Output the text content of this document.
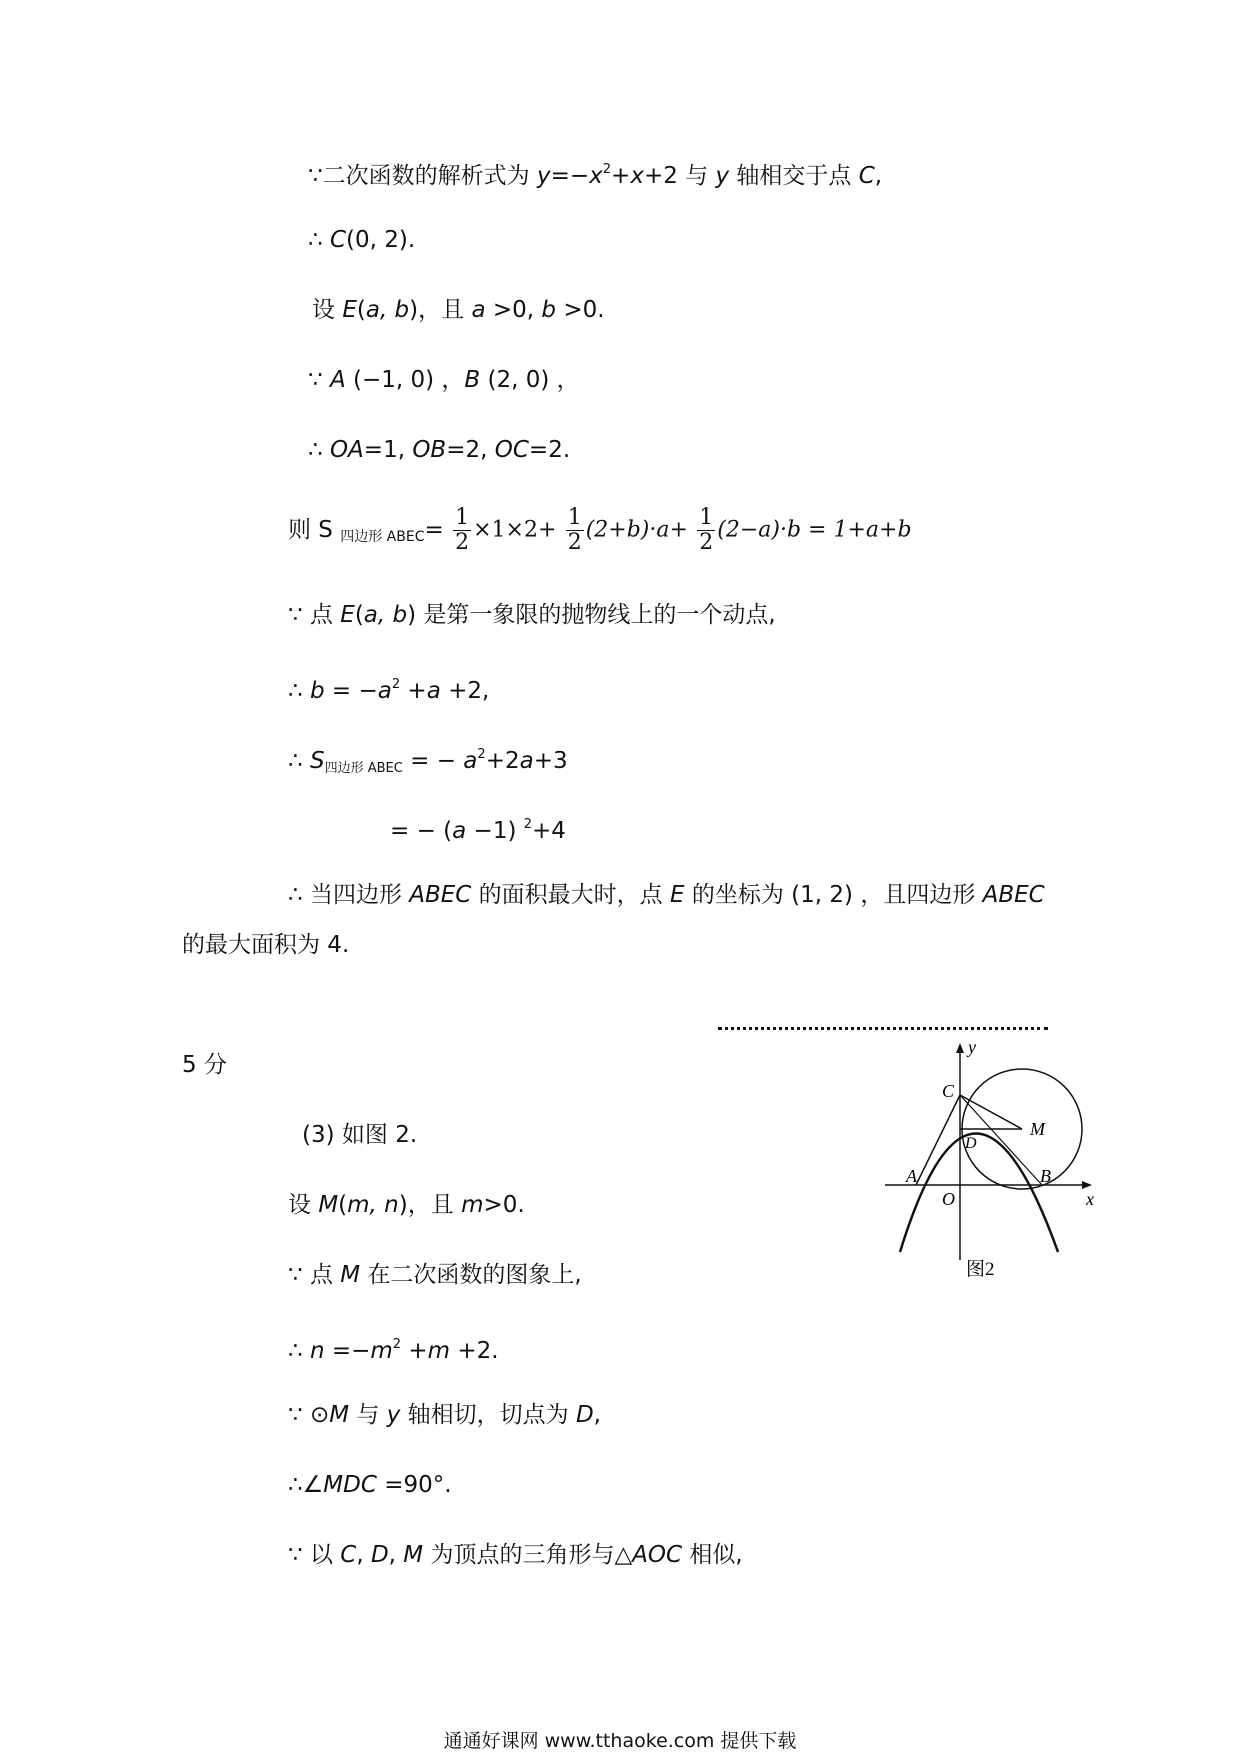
∵二次函数的解析式为 $y=-x^2+x+2$ 与 y 轴相交于点 C,
∴ C(0, 2).
设 E(a, b)，且 a >0, b >0.
∵ A (−1, 0) ，B (2, 0) ，
∴ OA=1, OB=2, OC=2.
则 S $_{四边形 ABEC}= \frac{1}{2} \times 1\times 2+ \frac{1}{2} (2+b)\cdot a+ \frac{1}{2} (2-a)\cdot b = 1+a+b$
∵ 点 E(a, b) 是第一象限的抛物线上的一个动点,
∴ $b = -a^2 +a +2$,
∴ $S_{四边形 ABEC}$ = − $a^2+2a+3$
= − (a −1) $^2$+4
∴ 当四边形 ABEC 的面积最大时，点 E 的坐标为 (1, 2) ，且四边形 ABEC
的最大面积为 4.
5 分
(3) 如图 2.
设 M(m, n)，且 m>0.
∵ 点 M 在二次函数的图象上,
∴ $n =-m^2 +m +2$.
∵ ⊙M 与 y 轴相切，切点为 D,
∴∠MDC =90°.
∵ 以 C, D, M 为顶点的三角形与△AOC 相似,
y
x
C
M
D
A	B
O
图2
通通好课网 www.tthaoke.com 提供下载
